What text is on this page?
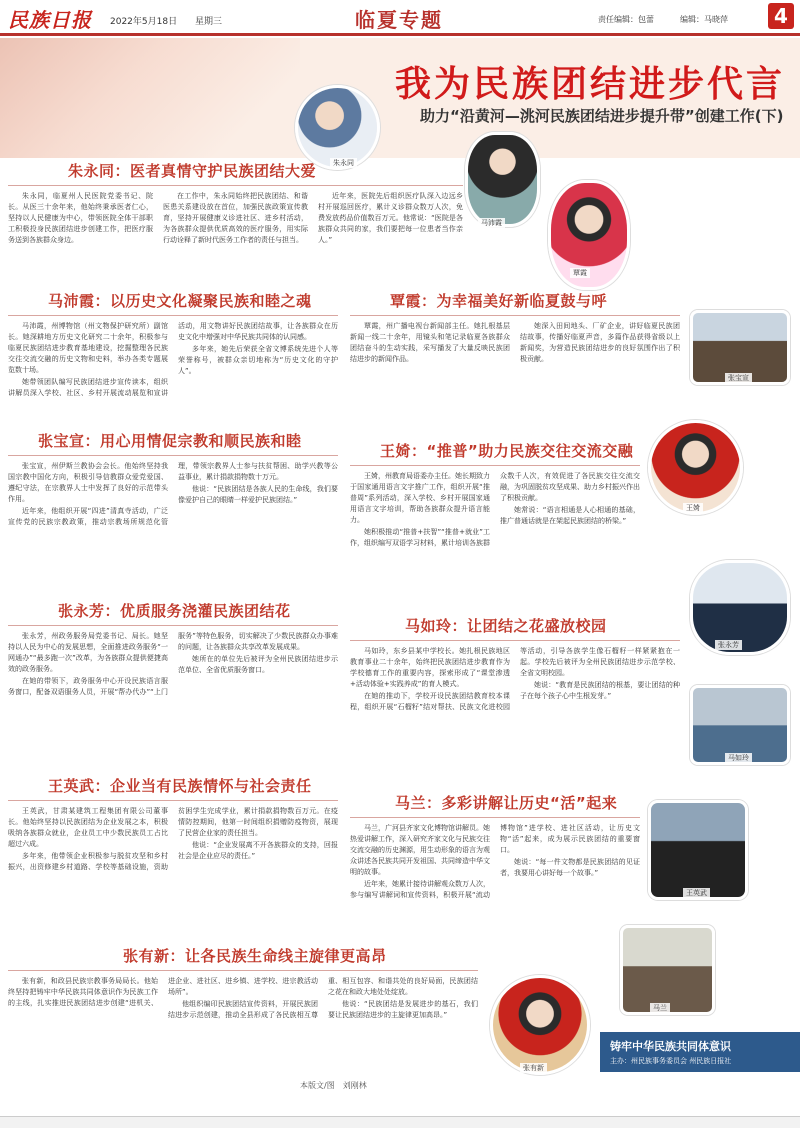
民族日报 2022年5月18日 星期三	临夏专题	责任编辑：包蕾	编辑：马晓萍	4
我为民族团结进步代言
助力“沿黄河—洮河民族团结进步提升带”创建工作(下)
朱永同
马沛霞
覃霞
张宝宣
王婍
张永芳
马如玲
王英武
马兰
张有新
朱永同：医者真情守护民族团结大爱

朱永同，临夏州人民医院党委书记、院长。从医三十余年来，他始终秉承医者仁心，坚持以人民健康为中心，带领医院全体干部职工积极投身民族团结进步创建工作，把医疗服务送到各族群众身边。

在工作中，朱永同始终把民族团结、和谐医患关系建设放在首位，加强民族政策宣传教育，坚持开展健康义诊进社区、进乡村活动，为各族群众提供优质高效的医疗服务，用实际行动诠释了新时代医务工作者的责任与担当。

近年来，医院先后组织医疗队深入边远乡村开展巡回医疗，累计义诊群众数万人次，免费发放药品价值数百万元。他常说：“医院是各族群众共同的家，我们要把每一位患者当作亲人。”

马沛霞：以历史文化凝聚民族和睦之魂

马沛霞，州博物馆（州文物保护研究所）副馆长。她深耕地方历史文化研究二十余年，积极参与临夏民族团结进步教育基地建设，挖掘整理各民族交往交流交融的历史文物和史料，举办各类专题展览数十场。

她带领团队编写民族团结进步宣传读本，组织讲解员深入学校、社区、乡村开展流动展览和宣讲活动，用文物讲好民族团结故事，让各族群众在历史文化中增强对中华民族共同体的认同感。

多年来，她先后荣获全省文博系统先进个人等荣誉称号，被群众亲切地称为“历史文化的守护人”。

覃霞：为幸福美好新临夏鼓与呼

覃霞，州广播电视台新闻部主任。她扎根基层新闻一线二十余年，用镜头和笔记录临夏各族群众团结奋斗的生动实践，采写播发了大量反映民族团结进步的新闻作品。

她深入田间地头、厂矿企业，讲好临夏民族团结故事，传播好临夏声音，多篇作品获得省级以上新闻奖，为营造民族团结进步的良好氛围作出了积极贡献。

张宝宣：用心用情促宗教和顺民族和睦

张宝宣，州伊斯兰教协会会长。他始终坚持我国宗教中国化方向，积极引导信教群众爱党爱国、遵纪守法，在宗教界人士中发挥了良好的示范带头作用。

近年来，他组织开展“四进”清真寺活动，广泛宣传党的民族宗教政策，推动宗教场所规范化管理，带领宗教界人士参与扶贫帮困、助学兴教等公益事业，累计捐款捐物数十万元。

他说：“民族团结是各族人民的生命线，我们要像爱护自己的眼睛一样爱护民族团结。”

王婍：“推普”助力民族交往交流交融

王婍，州教育局语委办主任。她长期致力于国家通用语言文字推广工作，组织开展“推普周”系列活动，深入学校、乡村开展国家通用语言文字培训，帮助各族群众提升语言能力。

她积极推动“推普+扶智”“推普+就业”工作，组织编写双语学习材料，累计培训各族群众数千人次，有效促进了各民族交往交流交融，为巩固脱贫攻坚成果、助力乡村振兴作出了积极贡献。

她常说：“语言相通是人心相通的基础，推广普通话就是在架起民族团结的桥梁。”

张永芳：优质服务浇灌民族团结花

张永芳，州政务服务局党委书记、局长。她坚持以人民为中心的发展思想，全面推进政务服务“一网通办”“最多跑一次”改革，为各族群众提供便捷高效的政务服务。

在她的带领下，政务服务中心开设民族语言服务窗口，配备双语服务人员，开展“帮办代办”“上门服务”等特色服务，切实解决了少数民族群众办事难的问题，让各族群众共享改革发展成果。

她所在的单位先后被评为全州民族团结进步示范单位、全省优质服务窗口。

马如玲：让团结之花盛放校园

马如玲，东乡县某中学校长。她扎根民族地区教育事业二十余年，始终把民族团结进步教育作为学校德育工作的重要内容，探索形成了“课堂渗透+活动体验+实践养成”的育人模式。

在她的推动下，学校开设民族团结教育校本课程，组织开展“石榴籽”结对帮扶、民族文化进校园等活动，引导各族学生像石榴籽一样紧紧抱在一起。学校先后被评为全州民族团结进步示范学校、全省文明校园。

她说：“教育是民族团结的根基，要让团结的种子在每个孩子心中生根发芽。”

王英武：企业当有民族情怀与社会责任

王英武，甘肃某建筑工程集团有限公司董事长。他始终坚持以民族团结为企业发展之本，积极吸纳各族群众就业，企业员工中少数民族员工占比超过六成。

多年来，他带领企业积极参与脱贫攻坚和乡村振兴，出资修建乡村道路、学校等基础设施，资助贫困学生完成学业，累计捐款捐物数百万元。在疫情防控期间，他第一时间组织捐赠防疫物资，展现了民营企业家的责任担当。

他说：“企业发展离不开各族群众的支持，回报社会是企业应尽的责任。”

马兰：多彩讲解让历史“活”起来

马兰，广河县齐家文化博物馆讲解员。她热爱讲解工作，深入研究齐家文化与民族交往交流交融的历史渊源，用生动形象的语言为观众讲述各民族共同开发祖国、共同缔造中华文明的故事。

近年来，她累计接待讲解观众数万人次，参与编写讲解词和宣传资料，积极开展“流动博物馆”进学校、进社区活动，让历史文物“活”起来，成为展示民族团结的重要窗口。

她说：“每一件文物都是民族团结的见证者，我要用心讲好每一个故事。”

张有新：让各民族生命线主旋律更高昂

张有新，和政县民族宗教事务局局长。他始终坚持把铸牢中华民族共同体意识作为民族工作的主线，扎实推进民族团结进步创建“进机关、进企业、进社区、进乡镇、进学校、进宗教活动场所”。

他组织编印民族团结宣传资料，开展民族团结进步示范创建，推动全县形成了各民族相互尊重、相互包容、和谐共处的良好局面，民族团结之花在和政大地处处绽放。

他说：“民族团结是发展进步的基石，我们要让民族团结进步的主旋律更加高昂。”

铸牢中华民族共同体意识
主办：州民族事务委员会 州民族日报社
本版文/图　刘刚林
